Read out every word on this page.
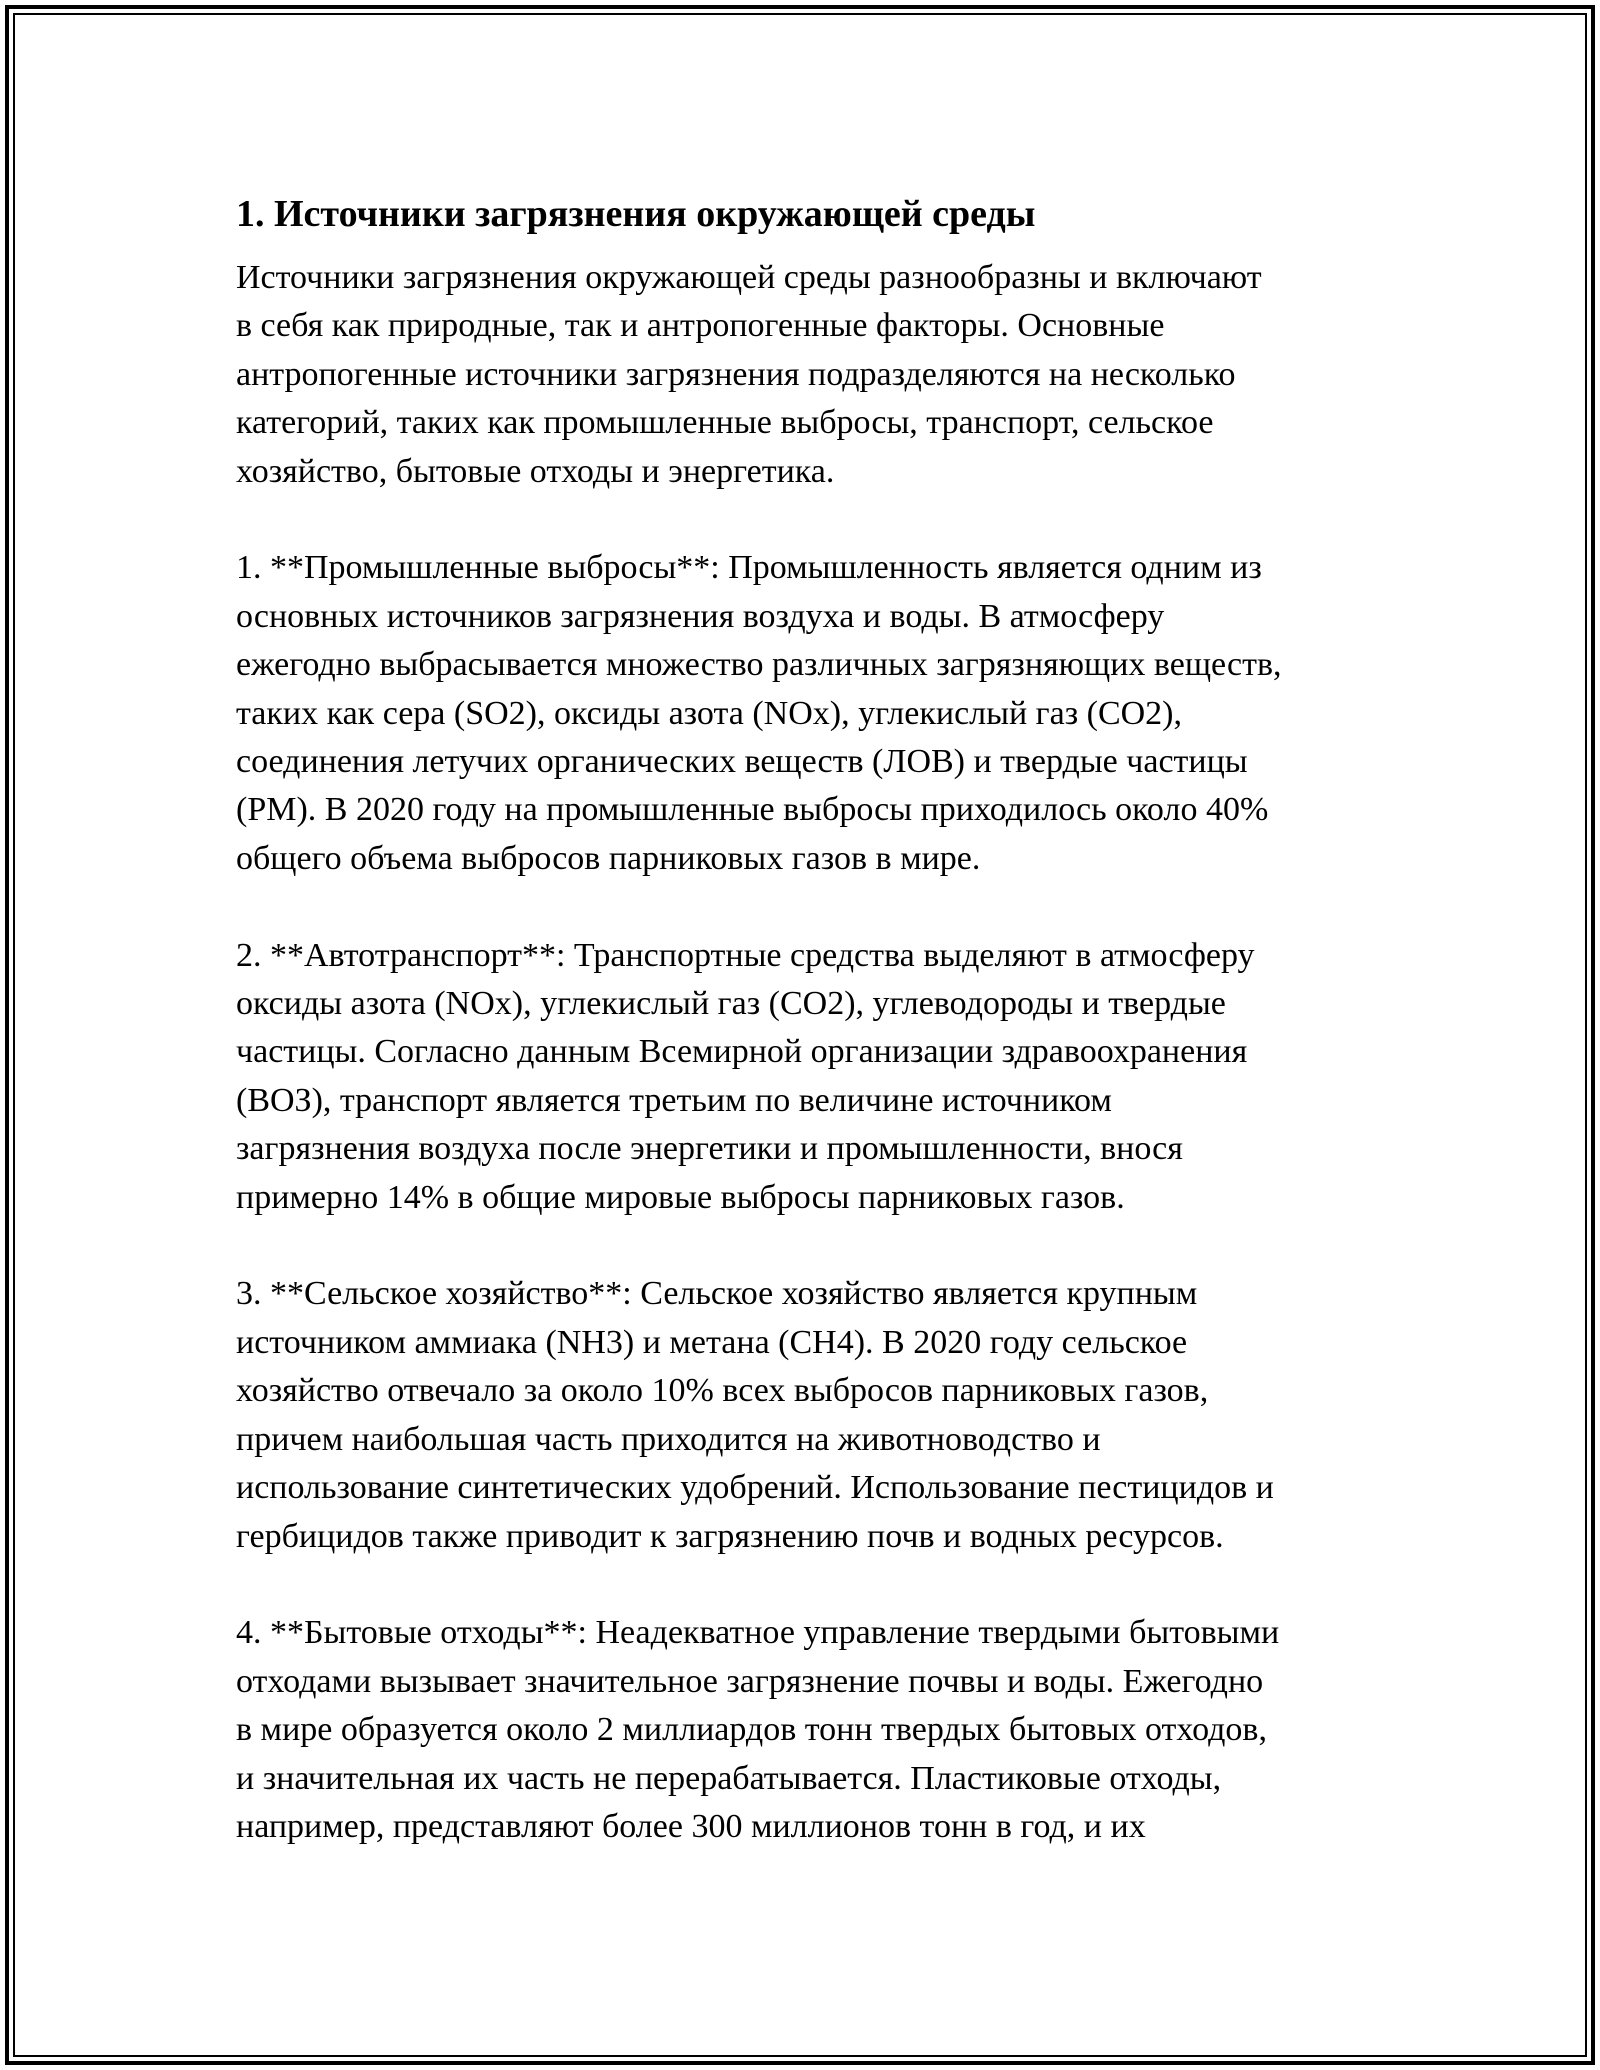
1. Источники загрязнения окружающей среды
Источники загрязнения окружающей среды разнообразны и включают
в себя как природные, так и антропогенные факторы. Основные
антропогенные источники загрязнения подразделяются на несколько
категорий, таких как промышленные выбросы, транспорт, сельское
хозяйство, бытовые отходы и энергетика.
1. **Промышленные выбросы**: Промышленность является одним из
основных источников загрязнения воздуха и воды. В атмосферу
ежегодно выбрасывается множество различных загрязняющих веществ,
таких как сера (SO2), оксиды азота (NOx), углекислый газ (CO2),
соединения летучих органических веществ (ЛОВ) и твердые частицы
(PM). В 2020 году на промышленные выбросы приходилось около 40%
общего объема выбросов парниковых газов в мире.
2. **Автотранспорт**: Транспортные средства выделяют в атмосферу
оксиды азота (NOx), углекислый газ (CO2), углеводороды и твердые
частицы. Согласно данным Всемирной организации здравоохранения
(ВОЗ), транспорт является третьим по величине источником
загрязнения воздуха после энергетики и промышленности, внося
примерно 14% в общие мировые выбросы парниковых газов.
3. **Сельское хозяйство**: Сельское хозяйство является крупным
источником аммиака (NH3) и метана (CH4). В 2020 году сельское
хозяйство отвечало за около 10% всех выбросов парниковых газов,
причем наибольшая часть приходится на животноводство и
использование синтетических удобрений. Использование пестицидов и
гербицидов также приводит к загрязнению почв и водных ресурсов.
4. **Бытовые отходы**: Неадекватное управление твердыми бытовыми
отходами вызывает значительное загрязнение почвы и воды. Ежегодно
в мире образуется около 2 миллиардов тонн твердых бытовых отходов,
и значительная их часть не перерабатывается. Пластиковые отходы,
например, представляют более 300 миллионов тонн в год, и их
